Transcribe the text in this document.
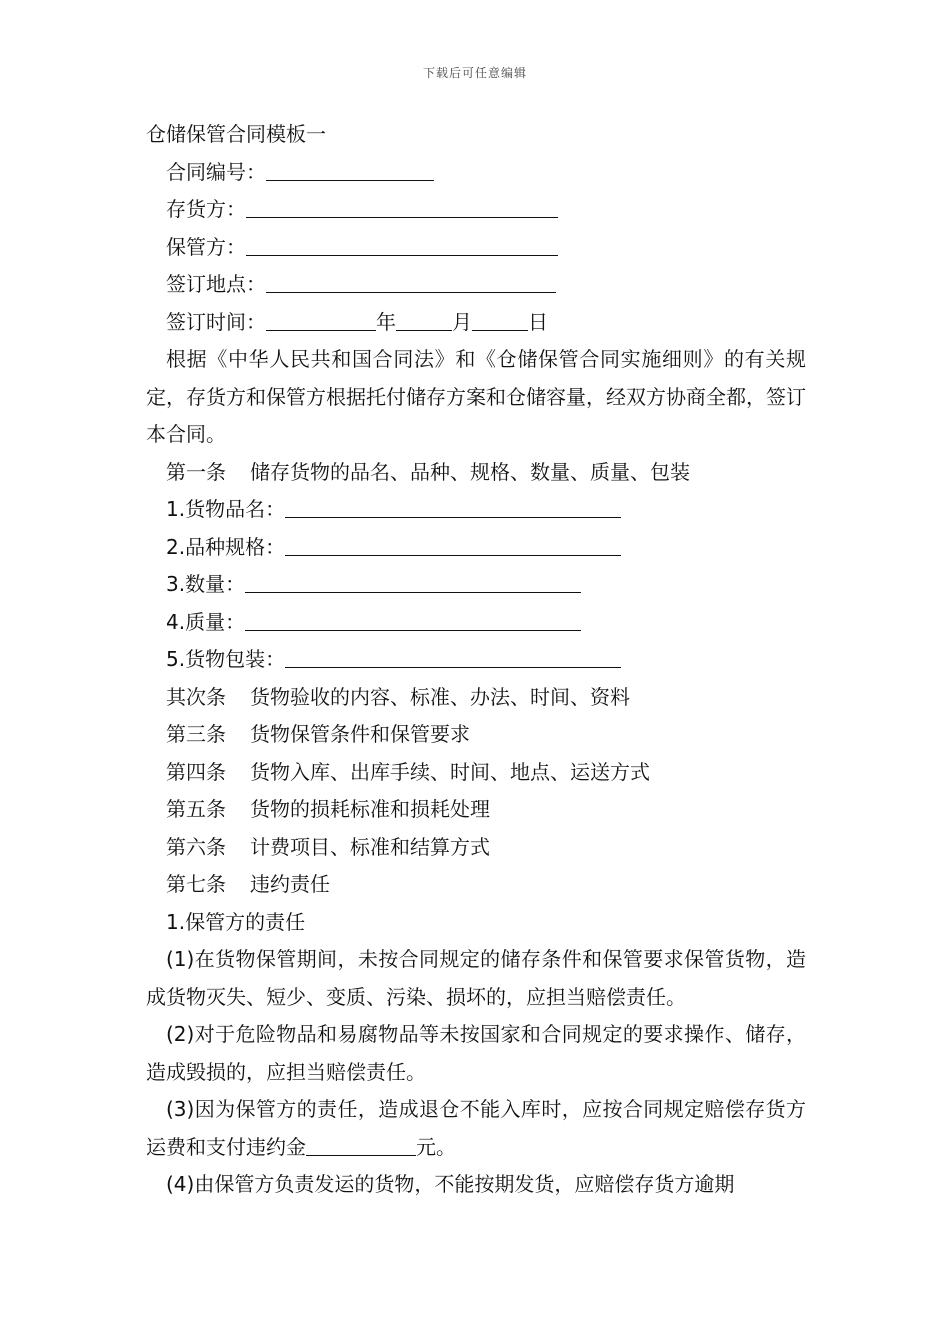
下载后可任意编辑
仓储保管合同模板一
合同编号：
存货方：
保管方：
签订地点：
签订时间：	年	月	日
根据《中华人民共和国合同法》和《仓储保管合同实施细则》的有关规定，存货方和保管方根据托付储存方案和仓储容量，经双方协商全都，签订本合同。
第一条 储存货物的品名、品种、规格、数量、质量、包装
1.货物品名：
2.品种规格：
3.数量：
4.质量：
5.货物包装：
其次条 货物验收的内容、标准、办法、时间、资料
第三条 货物保管条件和保管要求
第四条 货物入库、出库手续、时间、地点、运送方式
第五条 货物的损耗标准和损耗处理
第六条 计费项目、标准和结算方式
第七条 违约责任
1.保管方的责任
(1)在货物保管期间，未按合同规定的储存条件和保管要求保管货物，造成货物灭失、短少、变质、污染、损坏的，应担当赔偿责任。
(2)对于危险物品和易腐物品等未按国家和合同规定的要求操作、储存，造成毁损的，应担当赔偿责任。
(3)因为保管方的责任，造成退仓不能入库时，应按合同规定赔偿存货方运费和支付违约金	元。
(4)由保管方负责发运的货物，不能按期发货，应赔偿存货方逾期
